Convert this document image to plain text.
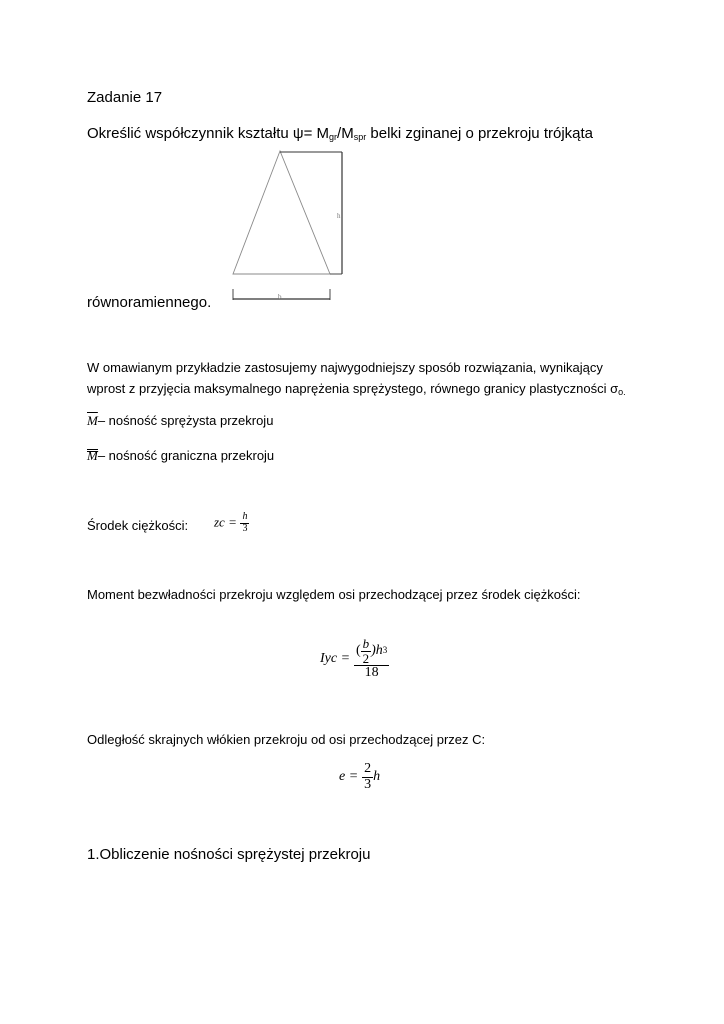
Zadanie 17
Określić współczynnik kształtu $\psi= M_{gr}/M_{spr}$ belki zginanej o przekroju trójkąta
h
b
równoramiennego.
W omawianym przykładzie zastosujemy najwygodniejszy sposób rozwiązania, wynikający
wprost z przyjęcia maksymalnego naprężenia sprężystego, równego granicy plastyczności $\sigma_{o.}$
$\overline{M}-$ nośność sprężysta przekroju
M– nośność graniczna przekroju
Środek ciężkości: zc = $\frac{h}{3}$
Moment bezwładności przekroju względem osi przechodzącej przez środek ciężkości:
Iyc = $\frac{( \frac{b}{2} )h 3}{18}$
Odległość skrajnych włókien przekroju od osi przechodzącej przez C:
$e = \frac{2}{3}$ h
1.Obliczenie nośności sprężystej przekroju
